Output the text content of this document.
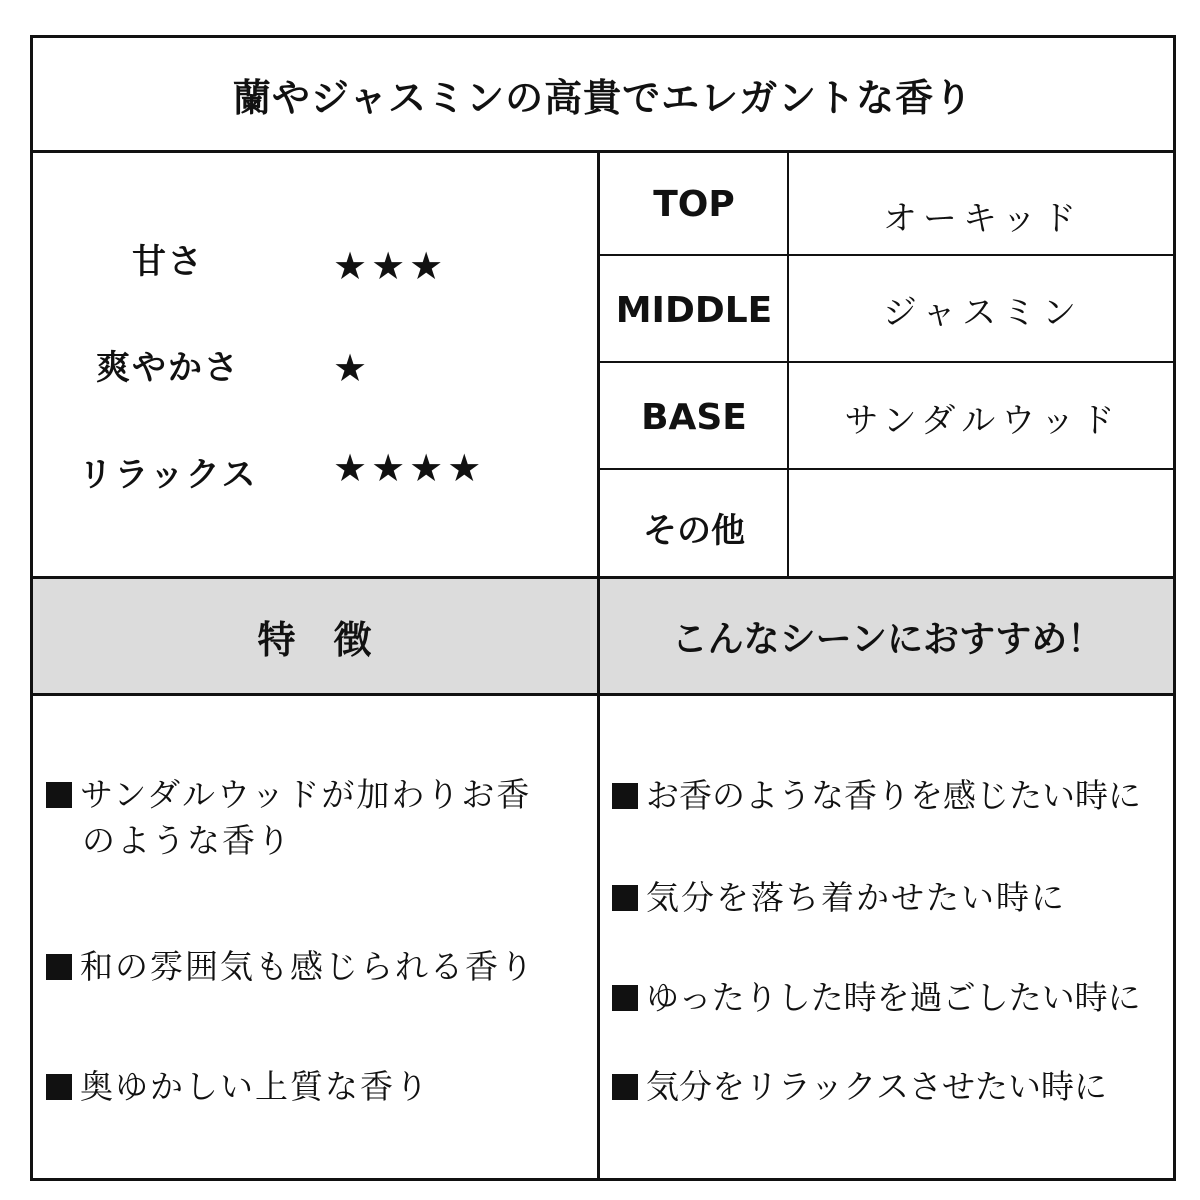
蘭やジャスミンの高貴でエレガントな香り
甘さ	★★★
爽やかさ	★
リラックス ★★★★
TOP	オーキッド
MIDDLE	ジャスミン
BASE	サンダルウッド
その他
特　徴	こんなシーンにおすすめ！
サンダルウッドが加わりお香
のような香り
和の雰囲気も感じられる香り
奥ゆかしい上質な香り
お香のような香りを感じたい時に
気分を落ち着かせたい時に
ゆったりした時を過ごしたい時に
気分をリラックスさせたい時に
